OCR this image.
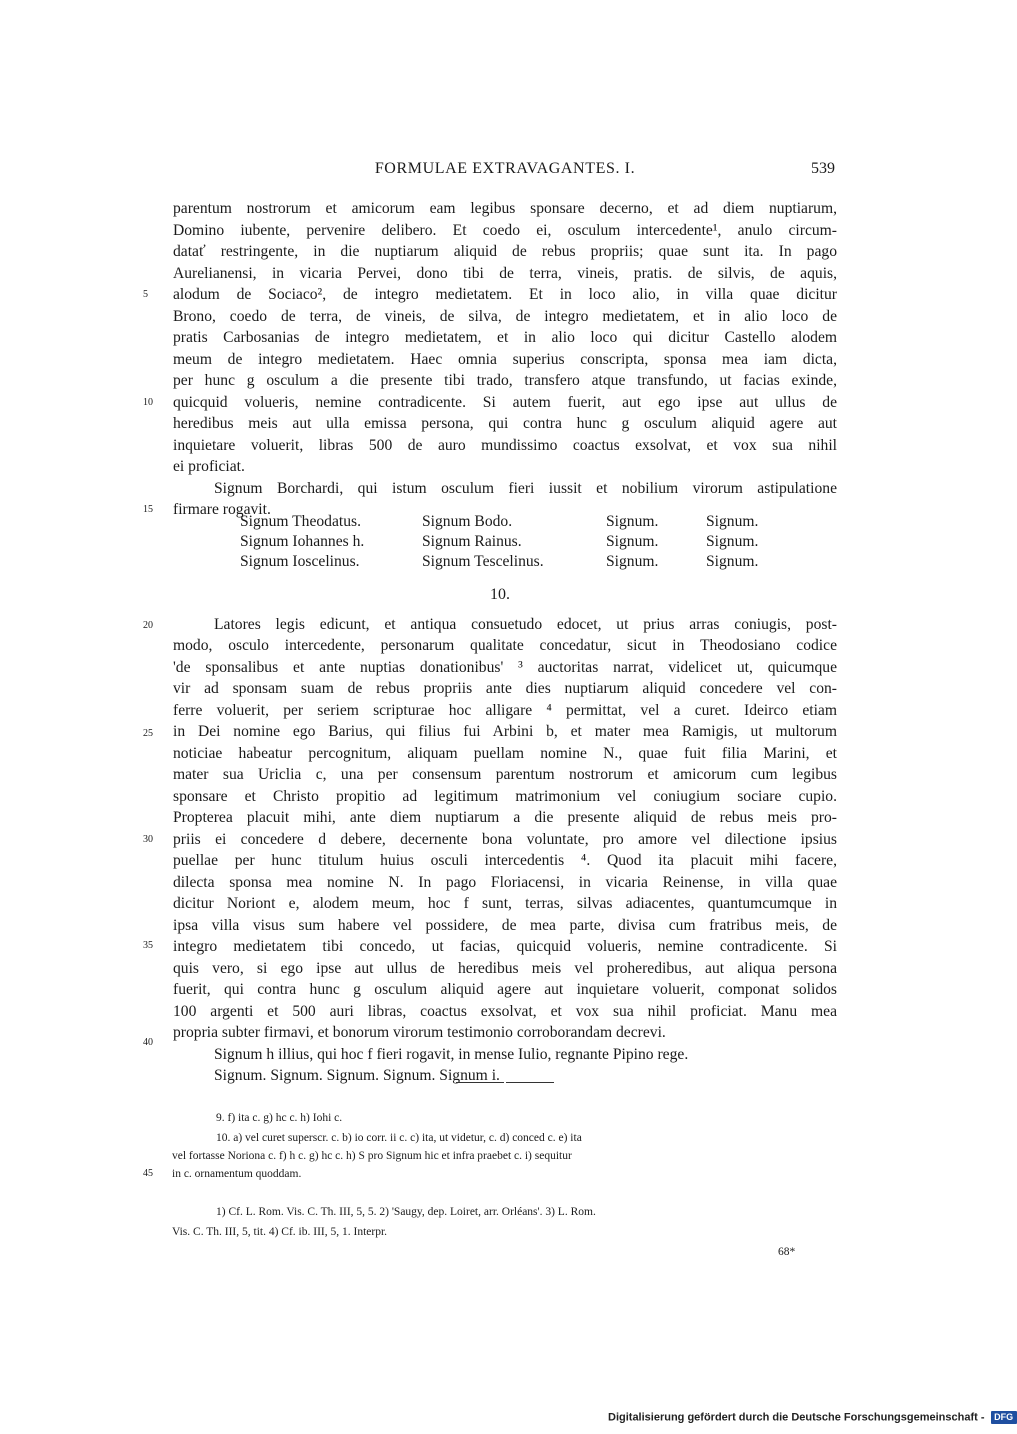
FORMULAE EXTRAVAGANTES. I.	539
parentum nostrorum et amicorum eam legibus sponsare decerno, et ad diem nuptiarum,
Domino iubente, pervenire delibero. Et coedo ei, osculum intercedente¹, anulo circum-
datať restringente, in die nuptiarum aliquid de rebus propriis; quae sunt ita. In pago
Aurelianensi, in vicaria Pervei, dono tibi de terra, vineis, pratis. de silvis, de aquis,
alodum de Sociaco², de integro medietatem. Et in loco alio, in villa quae dicitur
Brono, coedo de terra, de vineis, de silva, de integro medietatem, et in alio loco de
pratis Carbosanias de integro medietatem, et in alio loco qui dicitur Castello alodem
meum de integro medietatem. Haec omnia superius conscripta, sponsa mea iam dicta,
per hunc g osculum a die presente tibi trado, transfero atque transfundo, ut facias exinde,
quicquid volueris, nemine contradicente. Si autem fuerit, aut ego ipse aut ullus de
heredibus meis aut ulla emissa persona, qui contra hunc g osculum aliquid agere aut
inquietare voluerit, libras 500 de auro mundissimo coactus exsolvat, et vox sua nihil
ei proficiat.
Signum Borchardi, qui istum osculum fieri iussit et nobilium virorum astipulatione
firmare rogavit.
5
10
15
20
25
30
35
40
45
Signum Theodatus.	Signum Bodo.	Signum.	Signum.
Signum Iohannes h.	Signum Rainus.	Signum.	Signum.
Signum Ioscelinus.	Signum Tescelinus.	Signum.	Signum.
10.
Latores legis edicunt, et antiqua consuetudo edocet, ut prius arras coniugis, post-
modo, osculo intercedente, personarum qualitate concedatur, sicut in Theodosiano codice
'de sponsalibus et ante nuptias donationibus' ³ auctoritas narrat, videlicet ut, quicumque
vir ad sponsam suam de rebus propriis ante dies nuptiarum aliquid concedere vel con-
ferre voluerit, per seriem scripturae hoc alligare ⁴ permittat, vel a curet. Ideirco etiam
in Dei nomine ego Barius, qui filius fui Arbini b, et mater mea Ramigis, ut multorum
noticiae habeatur percognitum, aliquam puellam nomine N., quae fuit filia Marini, et
mater sua Uriclia c, una per consensum parentum nostrorum et amicorum cum legibus
sponsare et Christo propitio ad legitimum matrimonium vel coniugium sociare cupio.
Propterea placuit mihi, ante diem nuptiarum a die presente aliquid de rebus meis pro-
priis ei concedere d debere, decernente bona voluntate, pro amore vel dilectione ipsius
puellae per hunc titulum huius osculi intercedentis ⁴. Quod ita placuit mihi facere,
dilecta sponsa mea nomine N. In pago Floriacensi, in vicaria Reinense, in villa quae
dicitur Noriont e, alodem meum, hoc f sunt, terras, silvas adiacentes, quantumcumque in
ipsa villa visus sum habere vel possidere, de mea parte, divisa cum fratribus meis, de
integro medietatem tibi concedo, ut facias, quicquid volueris, nemine contradicente. Si
quis vero, si ego ipse aut ullus de heredibus meis vel proheredibus, aut aliqua persona
fuerit, qui contra hunc g osculum aliquid agere aut inquietare voluerit, componat solidos
100 argenti et 500 auri libras, coactus exsolvat, et vox sua nihil proficiat. Manu mea
propria subter firmavi, et bonorum virorum testimonio corroborandam decrevi.
Signum h illius, qui hoc f fieri rogavit, in mense Iulio, regnante Pipino rege.
Signum. Signum. Signum. Signum. Signum i.
9. f) ita c. g) hc c. h) Iohi c.
10. a) vel curet superscr. c. b) io corr. ii c. c) ita, ut videtur, c. d) conced c. e) ita
vel fortasse Noriona c. f) h c. g) hc c. h) S pro Signum hic et infra praebet c. i) sequitur
in c. ornamentum quoddam.
1) Cf. L. Rom. Vis. C. Th. III, 5, 5. 2) 'Saugy, dep. Loiret, arr. Orléans'. 3) L. Rom.
Vis. C. Th. III, 5, tit. 4) Cf. ib. III, 5, 1. Interpr.
68*
Digitalisierung gefördert durch die Deutsche Forschungsgemeinschaft - DFG
